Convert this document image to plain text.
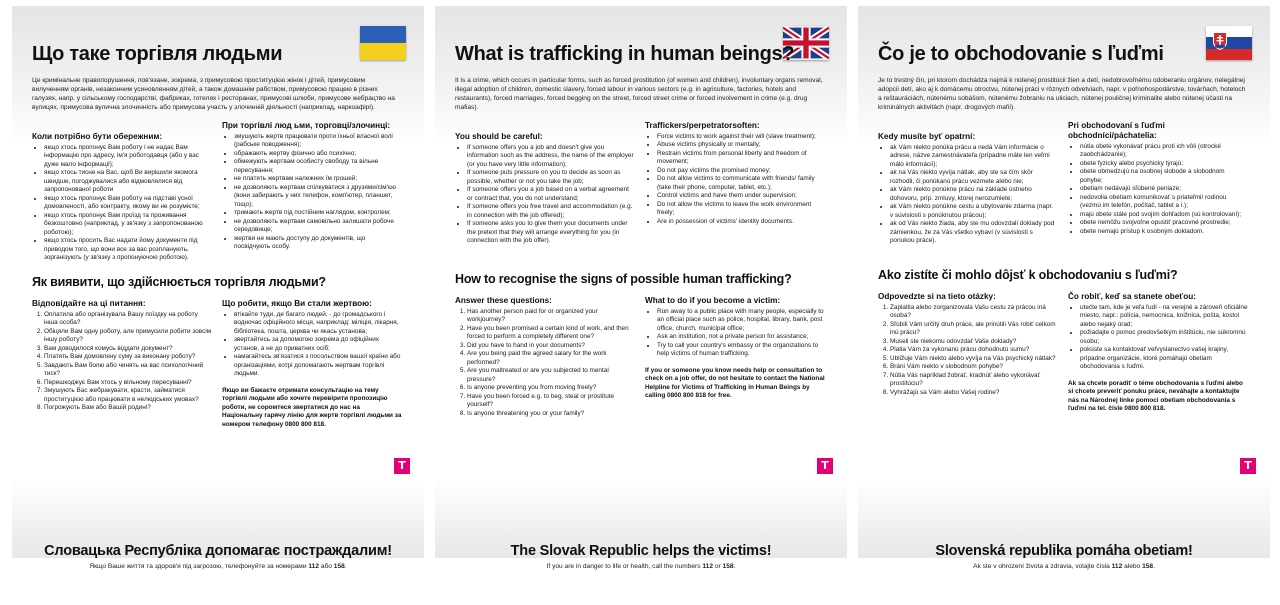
Що таке торгівля людьми

Це кримінальне правопорушення, пов'язане, зокрема, з примусовою проституцією жінок і дітей, примусовим вилученням органів, незаконним усиновленням дітей, а також домашнім рабством, примусовою працею в різних галузях, напр. у сільському господарстві, фабриках, готелях і ресторанах, примусові шлюби, примусове жебрацтво на вулицях, примусова вулична злочинність або примусова участь у злочинній діяльності (наприклад, наркоафірі).

Коли потрібно бути обережним:
• якщо хтось пропонує Вам роботу і не надає Вам інформацію про адресу, ім'я роботодавця (або у вас дуже мало інформації);
• якщо хтось тисне на Вас, щоб Ви вирішили якомога швидше, погоджувалися або відмовлялися від запропонованої роботи
• якщо хтось пропонує Вам роботу на підставі усної домовленості, або контракту, якому ви не розумієте;
• якщо хтось пропонує Вам проїзд та проживання безкоштовно (наприклад, у зв'язку з запропонованою роботою);
• якщо хтось просить Вас надати йому документи під приводом того, що вони все за вас розпланують, зорганізують (у зв'язку з пропонуючою роботою).
При торгівлі люд ьми, торговці/злочинці:
• змушують жертв працювати проти їхньої власної волі (рабське поводження);
• ображають жертву фізично або психічно;
• обмежують жертвам особисту свободу та вільне пересування;
• не платять жертвам належних їм грошей;
• не дозволяють жертвам спілкуватися з друзями/сім'єю (вони забирають у них телефон, комп'ютер, планшет, тощо);
• тримають жертв під постійним наглядом, контролем;
• не дозволяють жертвам самовільно залишати робоче середовище;
• жертви не мають доступу до документів, що посвідчують особу.
Як виявити, що здійснюється торгівля людьми?
Відповідайте на ці питання:
1. Оплатила або організувала Вашу поїздку на роботу інша особа?
2. Обіцяли Вам одну роботу, але примусили робити зовсім іншу роботу?
3. Вам доводилося комусь віддати документ?
4. Платять Вам домовлену суму за виконану роботу?
5. Завдають Вам болю або чинять на вас психологічний тиск?
6. Перешкоджує Вам хтось у вільному пересуванні?
7. Змушують Вас жебракувати, красти, займатися проституцією або працювати в нелюдських умовах?
8. Погрожують Вам або Вашій родині?
Що робити, якщо Ви стали жертвою:
• втікайте туди, де багато людей, - до громадського і водночас офіційного місця, наприклад: міліція, лікарня, бібліотека, пошта, церква чи якась установа;
• звертайтесь за допомогою зокрема до офіційних установ, а не до приватних осіб;
• намагайтесь зв'язатися з посольством вашої країни або організаціями, котрі допомагають жертвам торгівлі людьми.
Якщо ви бажаєте отримати консультацію на тему торгівлі людьми або хочете перевірити пропозицію роботи, не соромтеся звертатися до нас на Національну гарячу лінію для жертв торгівлі людьми за номером телефону 0800 800 818.
T
Словацька Республіка допомагає постраждалим!
Якщо Ваше життя та здоров'я під загрозою, телефонуйте за номерами 112 або 158.
What is trafficking in human beings?

It is a crime, which occurs in particular forms, such as forced prostitution (of women and children), involuntary organs removal, illegal adoption of children, domestic slavery, forced labour in various sectors (e.g. in agriculture, factories, hotels and restaurants), forced marriages, forced begging on the street, forced street crime or forced involvement in crime (e.g. drug mafias).

You should be careful:
• If someone offers you a job and doesn't give you information such as the address, the name of the employer (or you have very little information);
• If someone puts pressure on you to decide as soon as possible, whether or not you take the job;
• If someone offers you a job based on a verbal agreement or contract that, you do not understand;
• If someone offers you free travel and accommodation (e.g. in connection with the job offered);
• If someone asks you to give them your documents under the pretext that they will arrange everything for you (in connection with the job offer).
Traffickers/perpetratorsoften:
• Force victims to work against their will (slave treatment);
• Abuse victims physically or mentally;
• Restrain victims from personal liberty and freedom of movement;
• Do not pay victims the promised money;
• Do not allow victims to communicate with friends/ family (take their phone, computer, tablet, etc.);
• Control victims and have them under supervision;
• Do not allow the victims to leave the work environment freely;
• Are in possession of victims' identity documents.
How to recognise the signs of possible human trafficking?
Answer these questions:
1. Has another person paid for or organized your workjourney?
2. Have you been promised a certain kind of work, and then forced to perform a completely different one?
3. Did you have to hand in your documents?
4. Are you being paid the agreed salary for the work performed?
5. Are you maltreated or are you subjected to mental pressure?
6. Is anyone preventing you from moving freely?
7. Have you been forced e.g. to beg, steal or prostitute yourself?
8. Is anyone threatening you or your family?
What to do if you become a victim:
• Run away to a public place with many people, especially to an official place such as police, hospital, library, bank, post office, church, municipal office;
• Ask an institution, not a private person for assistance;
• Try to call your country's embassy or the organizations to help victims of human trafficking.
If you or someone you know needs help or consultation to check on a job offer, do not hesitate to contact the National Helpline for Victims of Trafficking in Human Beings by calling 0800 800 818 for free.
T
The Slovak Republic helps the victims!
If you are in danger to life or health, call the numbers 112 or 158.
Čo je to obchodovanie s ľuďmi

Je to trestný čin, pri ktorom dochádza najmä k nútenej prostitúcii žien a detí, nedobrovoľnému odoberaniu orgánov, nelegálnej adopcii detí, ako aj k domácemu otroctvu, nútenej práci v rôznych odvetviach, napr. v poľnohospodárstve, továrňach, hoteloch a reštauráciách, nútenému sobášom, nútenému žobraniu na uliciach, nútenej pouličnej kriminalite alebo nútenej účasti na kriminálnych aktivitách (napr. drogových mafií).

Kedy musíte byť opatrní:
• ak Vám niekto ponúka prácu a nedá Vám informácie o adrese, názve zamestnávateľa (prípadne máte len veľmi málo informácií);
• ak na Vás niekto vyvíja nátlak, aby ste sa čím skôr rozhodli, či ponúkanú prácu vezmete alebo nie;
• ak Vám niekto ponúkne prácu na základe ústneho dohovoru, príp. zmluvy, ktorej nerozumiete;
• ak Vám niekto ponúkne cestu a ubytovanie zdarma (napr. v súvislosti s ponúknutou prácou);
• ak od Vás niekto žiada, aby ste mu odovzdali doklady pod zámienkou, že za Vás všetko vybaví (v súvislosti s ponukou práce).
Pri obchodovaní s ľuďmi obchodníci/páchatelia:
• nútia obete vykonávať prácu proti ich vôli (otrocké zaobchádzanie);
• obete fyzicky alebo psychicky týrajú;
• obete obmedzujú na osobnej slobode a slobodnom pohybe;
• obetiam nedávajú sľúbené peniaze;
• nedovolia obetiam komunikovať s priateľmi/ rodinou (vezmú im telefón, počítač, tablet a i.);
• majú obete stále pod svojím dohľadom (sú kontrolovaní);
• obete nemôžu svojvoľne opustiť pracovné prostredie;
• obete nemajú prístup k osobným dokladom.
Ako zistíte či mohlo dôjsť k obchodovaniu s ľuďmi?
Odpovedzte si na tieto otázky:
1. Zaplatila alebo zorganizovala Vašu cestu za prácou iná osoba?
2. Sľúbili Vám určitý druh práce, ale prinútili Vás robiť celkom inú prácu?
3. Museli ste niekomu odovzdať Vaše doklady?
4. Platia Vám za vykonanú prácu dohodnutú sumu?
5. Ubližuje Vám niekto alebo vyvíja na Vás psychický nátlak?
6. Bráni Vám niekto v slobodnom pohybe?
7. Nútia Vás napríklad žobrať, kradnúť alebo vykonávať prostitúciu?
8. Vyhrážajú sa Vám alebo Vašej rodine?
Čo robiť, keď sa stanete obeťou:
• utečte tam, kde je veľa ľudí - na verejné a zároveň oficiálne miesto, napr.: polícia, nemocnica, knižnica, pošta, kostol alebo nejaký úrad;
• požiadajte o pomoc predovšetkým inštitúciu, nie súkromnú osobu;
• pokúste sa kontaktovať veľvyslanectvo vašej krajiny, prípadne organizácie, ktoré pomáhajú obetiam obchodovania s ľuďmi.
Ak sa chcete poradiť o téme obchodovania s ľuďmi alebo si chcete preveriť ponuku práce, neváhajte a kontaktujte nás na Národnej linke pomoci obetiam obchodovania s ľuďmi na tel. čísle 0800 800 818.
T
Slovenská republika pomáha obetiam!
Ak ste v ohrození života a zdravia, volajte čísla 112 alebo 158.
